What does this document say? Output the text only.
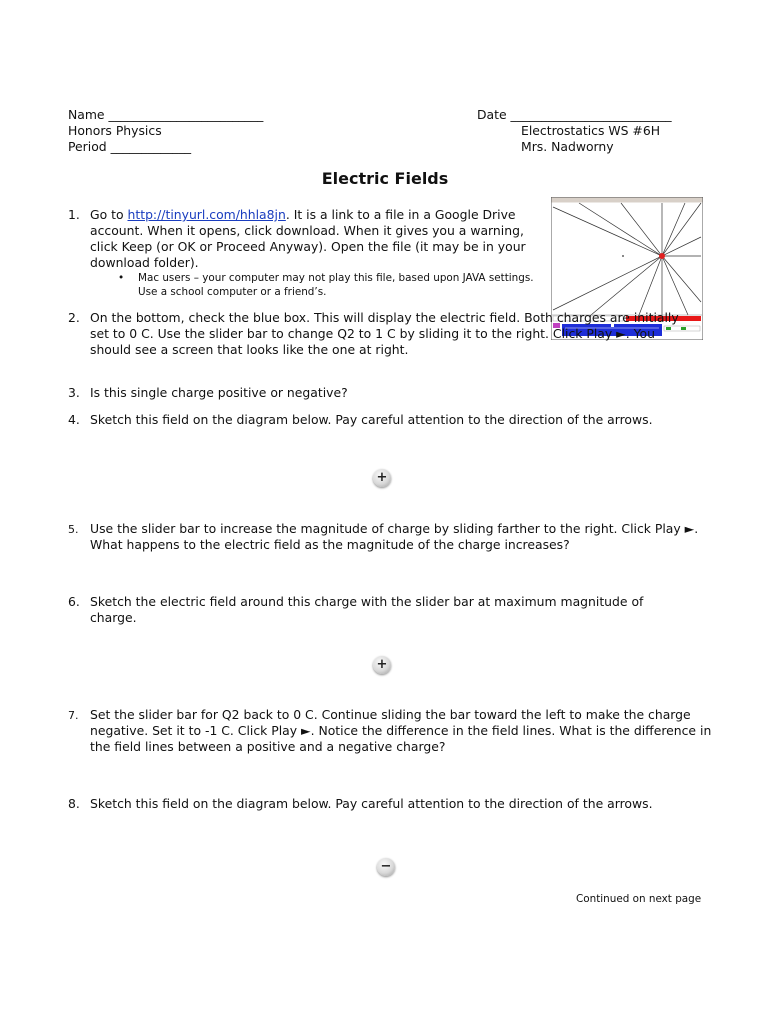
Name _________________________
Honors Physics
Period _____________
Date __________________________
Electrostatics WS #6H
Mrs. Nadworny
Electric Fields
1. Go to http://tinyurl.com/hhla8jn. It is a link to a file in a Google Drive account. When it opens, click download. When it gives you a warning, click Keep (or OK or Proceed Anyway). Open the file (it may be in your download folder).
• Mac users – your computer may not play this file, based upon JAVA settings. Use a school computer or a friend’s.
2. On the bottom, check the blue box. This will display the electric field. Both charges are initially set to 0 C. Use the slider bar to change Q2 to 1 C by sliding it to the right. Click Play ►. You should see a screen that looks like the one at right.
3. Is this single charge positive or negative?
4. Sketch this field on the diagram below. Pay careful attention to the direction of the arrows.
+
5. Use the slider bar to increase the magnitude of charge by sliding farther to the right. Click Play ►. What happens to the electric field as the magnitude of the charge increases?
6. Sketch the electric field around this charge with the slider bar at maximum magnitude of charge.
+
7. Set the slider bar for Q2 back to 0 C. Continue sliding the bar toward the left to make the charge negative. Set it to -1 C. Click Play ►. Notice the difference in the field lines. What is the difference in the field lines between a positive and a negative charge?
8. Sketch this field on the diagram below. Pay careful attention to the direction of the arrows.
−
Continued on next page
